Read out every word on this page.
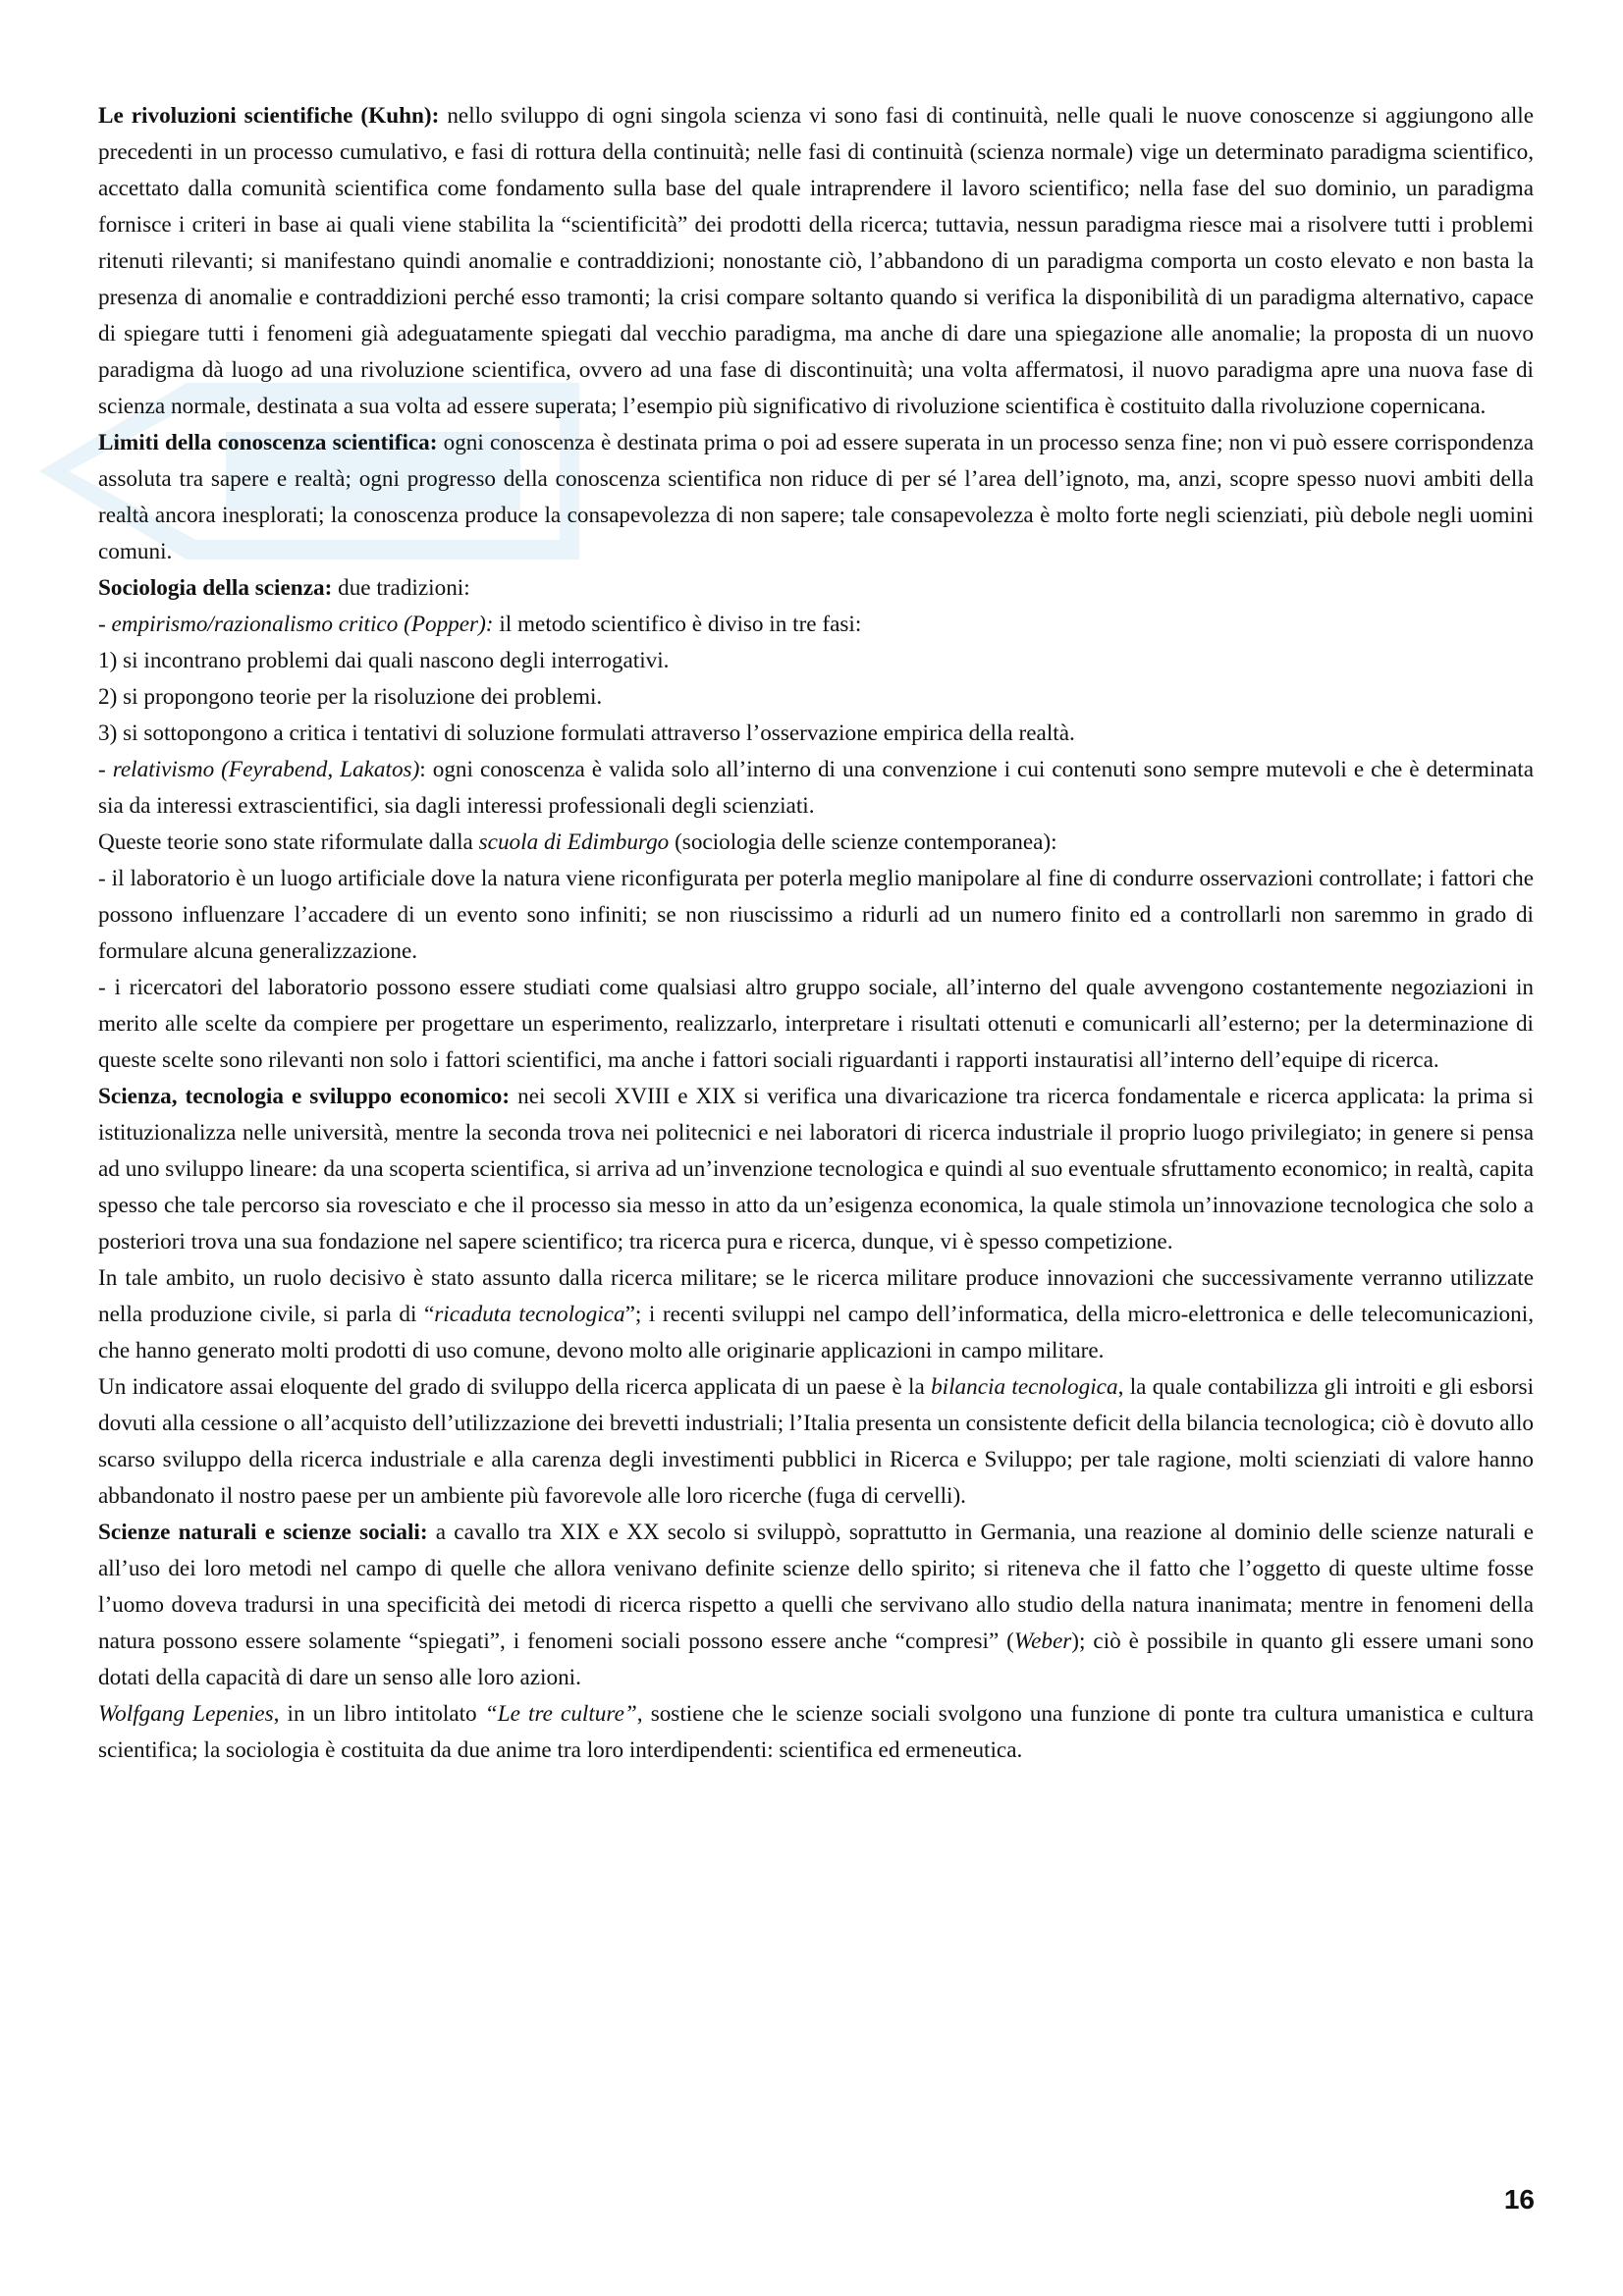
Le rivoluzioni scientifiche (Kuhn): nello sviluppo di ogni singola scienza vi sono fasi di continuità, nelle quali le nuove conoscenze si aggiungono alle precedenti in un processo cumulativo, e fasi di rottura della continuità; nelle fasi di continuità (scienza normale) vige un determinato paradigma scientifico, accettato dalla comunità scientifica come fondamento sulla base del quale intraprendere il lavoro scientifico; nella fase del suo dominio, un paradigma fornisce i criteri in base ai quali viene stabilita la “scientificità” dei prodotti della ricerca; tuttavia, nessun paradigma riesce mai a risolvere tutti i problemi ritenuti rilevanti; si manifestano quindi anomalie e contraddizioni; nonostante ciò, l’abbandono di un paradigma comporta un costo elevato e non basta la presenza di anomalie e contraddizioni perché esso tramonti; la crisi compare soltanto quando si verifica la disponibilità di un paradigma alternativo, capace di spiegare tutti i fenomeni già adeguatamente spiegati dal vecchio paradigma, ma anche di dare una spiegazione alle anomalie; la proposta di un nuovo paradigma dà luogo ad una rivoluzione scientifica, ovvero ad una fase di discontinuità; una volta affermatosi, il nuovo paradigma apre una nuova fase di scienza normale, destinata a sua volta ad essere superata; l’esempio più significativo di rivoluzione scientifica è costituito dalla rivoluzione copernicana.

Limiti della conoscenza scientifica: ogni conoscenza è destinata prima o poi ad essere superata in un processo senza fine; non vi può essere corrispondenza assoluta tra sapere e realtà; ogni progresso della conoscenza scientifica non riduce di per sé l’area dell’ignoto, ma, anzi, scopre spesso nuovi ambiti della realtà ancora inesplorati; la conoscenza produce la consapevolezza di non sapere; tale consapevolezza è molto forte negli scienziati, più debole negli uomini comuni.

Sociologia della scienza: due tradizioni:

- empirismo/razionalismo critico (Popper): il metodo scientifico è diviso in tre fasi:

1) si incontrano problemi dai quali nascono degli interrogativi.

2) si propongono teorie per la risoluzione dei problemi.

3) si sottopongono a critica i tentativi di soluzione formulati attraverso l’osservazione empirica della realtà.

- relativismo (Feyrabend, Lakatos): ogni conoscenza è valida solo all’interno di una convenzione i cui contenuti sono sempre mutevoli e che è determinata sia da interessi extrascientifici, sia dagli interessi professionali degli scienziati.

Queste teorie sono state riformulate dalla scuola di Edimburgo (sociologia delle scienze contemporanea):

- il laboratorio è un luogo artificiale dove la natura viene riconfigurata per poterla meglio manipolare al fine di condurre osservazioni controllate; i fattori che possono influenzare l’accadere di un evento sono infiniti; se non riuscissimo a ridurli ad un numero finito ed a controllarli non saremmo in grado di formulare alcuna generalizzazione.

- i ricercatori del laboratorio possono essere studiati come qualsiasi altro gruppo sociale, all’interno del quale avvengono costantemente negoziazioni in merito alle scelte da compiere per progettare un esperimento, realizzarlo, interpretare i risultati ottenuti e comunicarli all’esterno; per la determinazione di queste scelte sono rilevanti non solo i fattori scientifici, ma anche i fattori sociali riguardanti i rapporti instauratisi all’interno dell’equipe di ricerca.

Scienza, tecnologia e sviluppo economico: nei secoli XVIII e XIX si verifica una divaricazione tra ricerca fondamentale e ricerca applicata: la prima si istituzionalizza nelle università, mentre la seconda trova nei politecnici e nei laboratori di ricerca industriale il proprio luogo privilegiato; in genere si pensa ad uno sviluppo lineare: da una scoperta scientifica, si arriva ad un’invenzione tecnologica e quindi al suo eventuale sfruttamento economico; in realtà, capita spesso che tale percorso sia rovesciato e che il processo sia messo in atto da un’esigenza economica, la quale stimola un’innovazione tecnologica che solo a posteriori trova una sua fondazione nel sapere scientifico; tra ricerca pura e ricerca, dunque, vi è spesso competizione.

In tale ambito, un ruolo decisivo è stato assunto dalla ricerca militare; se le ricerca militare produce innovazioni che successivamente verranno utilizzate nella produzione civile, si parla di “ricaduta tecnologica”; i recenti sviluppi nel campo dell’informatica, della micro-elettronica e delle telecomunicazioni, che hanno generato molti prodotti di uso comune, devono molto alle originarie applicazioni in campo militare.

Un indicatore assai eloquente del grado di sviluppo della ricerca applicata di un paese è la bilancia tecnologica, la quale contabilizza gli introiti e gli esborsi dovuti alla cessione o all’acquisto dell’utilizzazione dei brevetti industriali; l’Italia presenta un consistente deficit della bilancia tecnologica; ciò è dovuto allo scarso sviluppo della ricerca industriale e alla carenza degli investimenti pubblici in Ricerca e Sviluppo; per tale ragione, molti scienziati di valore hanno abbandonato il nostro paese per un ambiente più favorevole alle loro ricerche (fuga di cervelli).

Scienze naturali e scienze sociali: a cavallo tra XIX e XX secolo si sviluppò, soprattutto in Germania, una reazione al dominio delle scienze naturali e all’uso dei loro metodi nel campo di quelle che allora venivano definite scienze dello spirito; si riteneva che il fatto che l’oggetto di queste ultime fosse l’uomo doveva tradursi in una specificità dei metodi di ricerca rispetto a quelli che servivano allo studio della natura inanimata; mentre in fenomeni della natura possono essere solamente “spiegati”, i fenomeni sociali possono essere anche “compresi” (Weber); ciò è possibile in quanto gli essere umani sono dotati della capacità di dare un senso alle loro azioni.

Wolfgang Lepenies, in un libro intitolato “Le tre culture”, sostiene che le scienze sociali svolgono una funzione di ponte tra cultura umanistica e cultura scientifica; la sociologia è costituita da due anime tra loro interdipendenti: scientifica ed ermeneutica.

16
